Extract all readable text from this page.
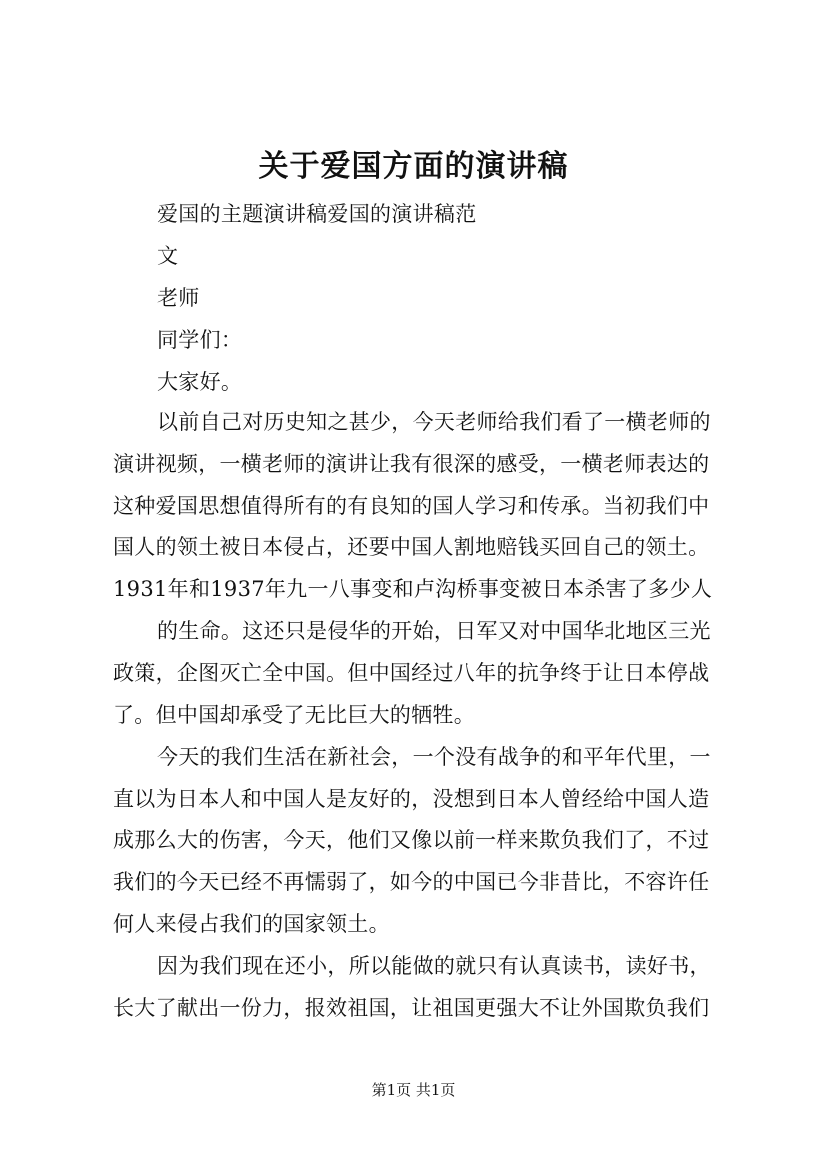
关于爱国方面的演讲稿
爱国的主题演讲稿爱国的演讲稿范
文
老师
同学们：
大家好。
以前自己对历史知之甚少，今天老师给我们看了一横老师的
演讲视频，一横老师的演讲让我有很深的感受，一横老师表达的
这种爱国思想值得所有的有良知的国人学习和传承。当初我们中
国人的领土被日本侵占，还要中国人割地赔钱买回自己的领土。
1931年和1937年九一八事变和卢沟桥事变被日本杀害了多少人
的生命。这还只是侵华的开始，日军又对中国华北地区三光
政策，企图灭亡全中国。但中国经过八年的抗争终于让日本停战
了。但中国却承受了无比巨大的牺牲。
今天的我们生活在新社会，一个没有战争的和平年代里，一
直以为日本人和中国人是友好的，没想到日本人曾经给中国人造
成那么大的伤害，今天，他们又像以前一样来欺负我们了，不过
我们的今天已经不再懦弱了，如今的中国已今非昔比，不容许任
何人来侵占我们的国家领土。
因为我们现在还小，所以能做的就只有认真读书，读好书，
长大了献出一份力，报效祖国，让祖国更强大不让外国欺负我们
第1页 共1页
